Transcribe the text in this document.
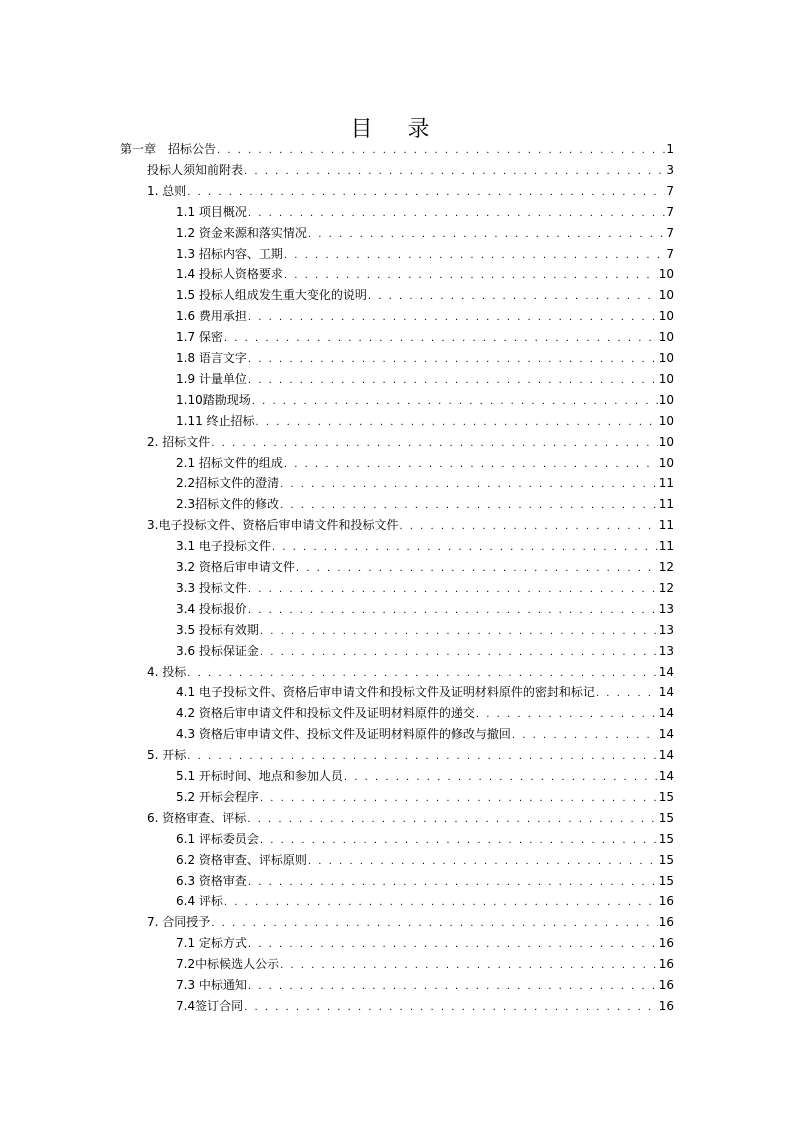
目 录
第一章　招标公告 . . .	1
投标人须知前附表 . . .	3
1. 总则 . . .	7
1.1 项目概况 . . .	7
1.2 资金来源和落实情况 . . .	7
1.3 招标内容、工期 . . .	7
1.4 投标人资格要求 . . .	10
1.5 投标人组成发生重大变化的说明 . . .	10
1.6 费用承担 . . .	10
1.7 保密 . . .	10
1.8 语言文字 . . .	10
1.9 计量单位 . . .	10
1.10踏勘现场 . . .	10
1.11 终止招标 . . .	10
2. 招标文件 . . .	10
2.1 招标文件的组成 . . .	10
2.2招标文件的澄清 . . .	11
2.3招标文件的修改 . . .	11
3.电子投标文件、资格后审申请文件和投标文件 . . .	11
3.1 电子投标文件 . . .	11
3.2 资格后审申请文件 . . .	12
3.3 投标文件 . . .	12
3.4 投标报价 . . .	13
3.5 投标有效期 . . .	13
3.6 投标保证金 . . .	13
4. 投标 . . .	14
4.1 电子投标文件、资格后审申请文件和投标文件及证明材料原件的密封和标记 . . .	14
4.2 资格后审申请文件和投标文件及证明材料原件的递交 . . .	14
4.3 资格后审申请文件、投标文件及证明材料原件的修改与撤回 . . .	14
5. 开标 . . .	14
5.1 开标时间、地点和参加人员 . . .	14
5.2 开标会程序 . . .	15
6. 资格审查、评标 . . .	15
6.1 评标委员会 . . .	15
6.2 资格审查、评标原则 . . .	15
6.3 资格审查 . . .	15
6.4 评标 . . .	16
7. 合同授予 . . .	16
7.1 定标方式 . . .	16
7.2中标候选人公示 . . .	16
7.3 中标通知 . . .	16
7.4签订合同 . . .	16
